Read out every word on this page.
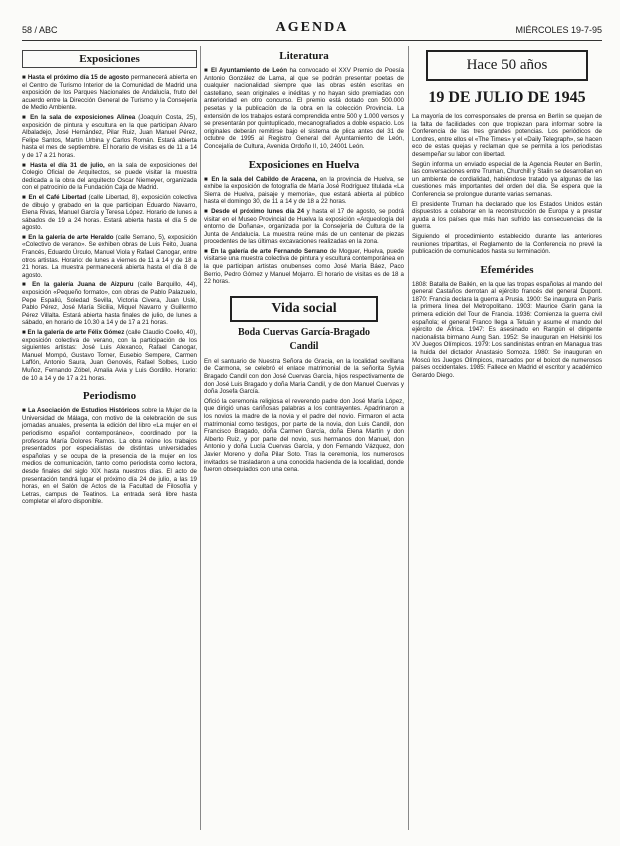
58 / ABC	AGENDA	MIÉRCOLES 19-7-95
Exposiciones

■ Hasta el próximo día 15 de agosto permanecerá abierta en el Centro de Turismo Interior de la Comunidad de Madrid una exposición de los Parques Nacionales de Andalucía, fruto del acuerdo entre la Dirección General de Turismo y la Consejería de Medio Ambiente.

■ En la sala de exposiciones Alinea (Joaquín Costa, 25), exposición de pintura y escultura en la que participan Alvaro Albaladejo, José Hernández, Pilar Ruiz, Juan Manuel Pérez, Felipe Santos, Martín Urbina y Carlos Román. Estará abierta hasta el mes de septiembre. El horario de visitas es de 11 a 14 y de 17 a 21 horas.

■ Hasta el día 31 de julio, en la sala de exposiciones del Colegio Oficial de Arquitectos, se puede visitar la muestra dedicada a la obra del arquitecto Oscar Niemeyer, organizada con el patrocinio de la Fundación Caja de Madrid.

■ En el Café Libertad (calle Libertad, 8), exposición colectiva de dibujo y grabado en la que participan Eduardo Navarro, Elena Rivas, Manuel García y Teresa López. Horario de lunes a sábados de 19 a 24 horas. Estará abierta hasta el día 5 de agosto.

■ En la galería de arte Heraldo (calle Serrano, 5), exposición «Colectivo de verano». Se exhiben obras de Luis Feito, Juana Francés, Eduardo Úrculo, Manuel Viola y Rafael Canogar, entre otros artistas. Horario: de lunes a viernes de 11 a 14 y de 18 a 21 horas. La muestra permanecerá abierta hasta el día 8 de agosto.

■ En la galería Juana de Aizpuru (calle Barquillo, 44), exposición «Pequeño formato», con obras de Pablo Palazuelo, Pepe Espaliú, Soledad Sevilla, Victoria Civera, Juan Uslé, Pablo Pérez, José María Sicilia, Miquel Navarro y Guillermo Pérez Villalta. Estará abierta hasta finales de julio, de lunes a sábado, en horario de 10.30 a 14 y de 17 a 21 horas.

■ En la galería de arte Félix Gómez (calle Claudio Coello, 40), exposición colectiva de verano, con la participación de los siguientes artistas: José Luis Alexanco, Rafael Canogar, Manuel Mompó, Gustavo Torner, Eusebio Sempere, Carmen Laffón, Antonio Saura, Juan Genovés, Rafael Solbes, Lucio Muñoz, Fernando Zóbel, Amalia Avia y Luis Gordillo. Horario: de 10 a 14 y de 17 a 21 horas.

Periodismo

■ La Asociación de Estudios Históricos sobre la Mujer de la Universidad de Málaga, con motivo de la celebración de sus jornadas anuales, presenta la edición del libro «La mujer en el periodismo español contemporáneo», coordinado por la profesora María Dolores Ramos. La obra reúne los trabajos presentados por especialistas de distintas universidades españolas y se ocupa de la presencia de la mujer en los medios de comunicación, tanto como periodista como lectora, desde finales del siglo XIX hasta nuestros días. El acto de presentación tendrá lugar el próximo día 24 de julio, a las 19 horas, en el Salón de Actos de la Facultad de Filosofía y Letras, campus de Teatinos. La entrada será libre hasta completar el aforo disponible.

Literatura

■ El Ayuntamiento de León ha convocado el XXV Premio de Poesía Antonio González de Lama, al que se podrán presentar poetas de cualquier nacionalidad siempre que las obras estén escritas en castellano, sean originales e inéditas y no hayan sido premiadas con anterioridad en otro concurso. El premio está dotado con 500.000 pesetas y la publicación de la obra en la colección Provincia. La extensión de los trabajos estará comprendida entre 500 y 1.000 versos y se presentarán por quintuplicado, mecanografiados a doble espacio. Los originales deberán remitirse bajo el sistema de plica antes del 31 de octubre de 1995 al Registro General del Ayuntamiento de León, Concejalía de Cultura, Avenida Ordoño II, 10, 24001 León.

Exposiciones en Huelva

■ En la sala del Cabildo de Aracena, en la provincia de Huelva, se exhibe la exposición de fotografía de María José Rodríguez titulada «La Sierra de Huelva, paisaje y memoria», que estará abierta al público hasta el domingo 30, de 11 a 14 y de 18 a 22 horas.

■ Desde el próximo lunes día 24 y hasta el 17 de agosto, se podrá visitar en el Museo Provincial de Huelva la exposición «Arqueología del entorno de Doñana», organizada por la Consejería de Cultura de la Junta de Andalucía. La muestra reúne más de un centenar de piezas procedentes de las últimas excavaciones realizadas en la zona.

■ En la galería de arte Fernando Serrano de Moguer, Huelva, puede visitarse una muestra colectiva de pintura y escultura contemporánea en la que participan artistas onubenses como José María Báez, Paco Berrio, Pedro Gómez y Manuel Mojarro. El horario de visitas es de 18 a 22 horas.

Vida social
Boda Cuervas García-Bragado
Candil

En el santuario de Nuestra Señora de Gracia, en la localidad sevillana de Carmona, se celebró el enlace matrimonial de la señorita Sylvia Bragado Candil con don José Cuervas García, hijos respectivamente de don José Luis Bragado y doña María Candil, y de don Manuel Cuervas y doña Josefa García.

Ofició la ceremonia religiosa el reverendo padre don José María López, que dirigió unas cariñosas palabras a los contrayentes. Apadrinaron a los novios la madre de la novia y el padre del novio. Firmaron el acta matrimonial como testigos, por parte de la novia, don Luis Candil, don Francisco Bragado, doña Carmen García, doña Elena Martín y don Alberto Ruiz, y por parte del novio, sus hermanos don Manuel, don Antonio y doña Lucía Cuervas García, y don Fernando Vázquez, don Javier Moreno y doña Pilar Soto. Tras la ceremonia, los numerosos invitados se trasladaron a una conocida hacienda de la localidad, donde fueron obsequiados con una cena.

Hace 50 años
19 DE JULIO DE 1945

La mayoría de los corresponsales de prensa en Berlín se quejan de la falta de facilidades con que tropiezan para informar sobre la Conferencia de las tres grandes potencias. Los periódicos de Londres, entre ellos el «The Times» y el «Daily Telegraph», se hacen eco de estas quejas y reclaman que se permita a los periodistas desempeñar su labor con libertad.

Según informa un enviado especial de la Agencia Reuter en Berlín, las conversaciones entre Truman, Churchill y Stalin se desarrollan en un ambiente de cordialidad, habiéndose tratado ya algunas de las cuestiones más importantes del orden del día. Se espera que la Conferencia se prolongue durante varias semanas.

El presidente Truman ha declarado que los Estados Unidos están dispuestos a colaborar en la reconstrucción de Europa y a prestar ayuda a los países que más han sufrido las consecuencias de la guerra.

Siguiendo el procedimiento establecido durante las anteriores reuniones tripartitas, el Reglamento de la Conferencia no prevé la publicación de comunicados hasta su terminación.

Efemérides

1808: Batalla de Bailén, en la que las tropas españolas al mando del general Castaños derrotan al ejército francés del general Dupont. 1870: Francia declara la guerra a Prusia. 1900: Se inaugura en París la primera línea del Metropolitano. 1903: Maurice Garin gana la primera edición del Tour de Francia. 1936: Comienza la guerra civil española; el general Franco llega a Tetuán y asume el mando del ejército de África. 1947: Es asesinado en Rangún el dirigente nacionalista birmano Aung San. 1952: Se inauguran en Helsinki los XV Juegos Olímpicos. 1979: Los sandinistas entran en Managua tras la huida del dictador Anastasio Somoza. 1980: Se inauguran en Moscú los Juegos Olímpicos, marcados por el boicot de numerosos países occidentales. 1985: Fallece en Madrid el escritor y académico Gerardo Diego.
